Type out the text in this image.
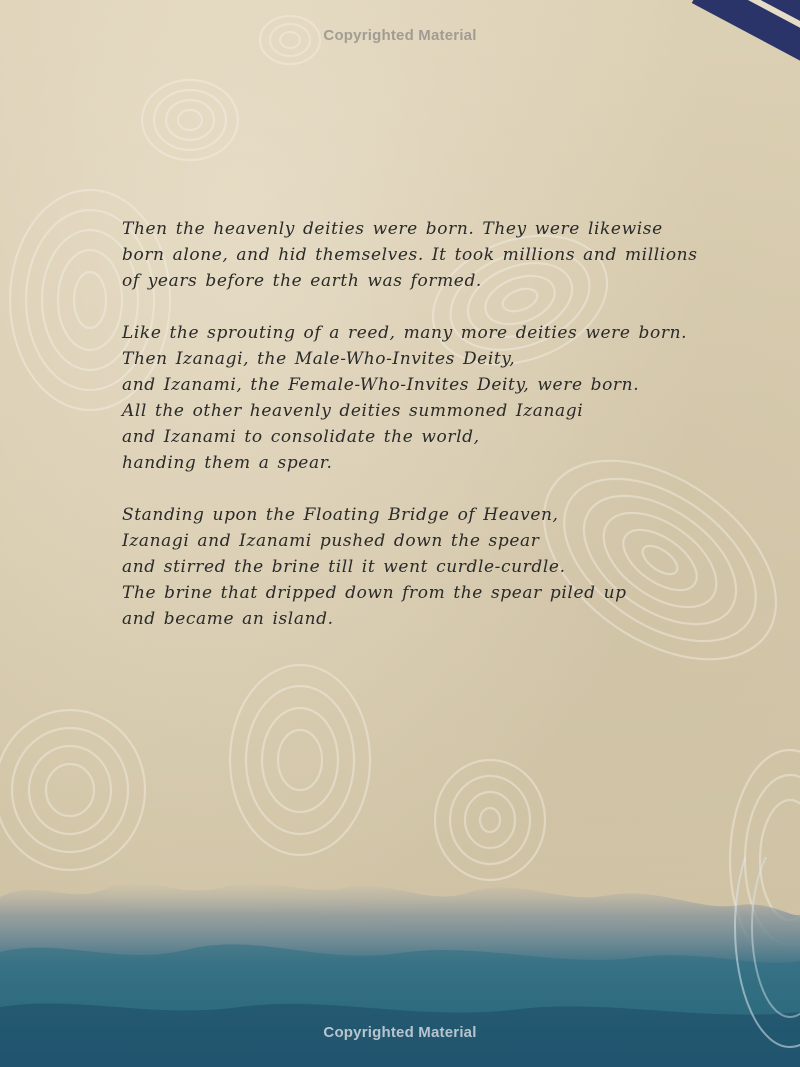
Copyrighted Material
Copyrighted Material
Then the heavenly deities were born. They were likewise
born alone, and hid themselves. It took millions and millions
of years before the earth was formed.
Like the sprouting of a reed, many more deities were born.
Then Izanagi, the Male-Who-Invites Deity,
and Izanami, the Female-Who-Invites Deity, were born.
All the other heavenly deities summoned Izanagi
and Izanami to consolidate the world,
handing them a spear.
Standing upon the Floating Bridge of Heaven,
Izanagi and Izanami pushed down the spear
and stirred the brine till it went curdle-curdle.
The brine that dripped down from the spear piled up
and became an island.
